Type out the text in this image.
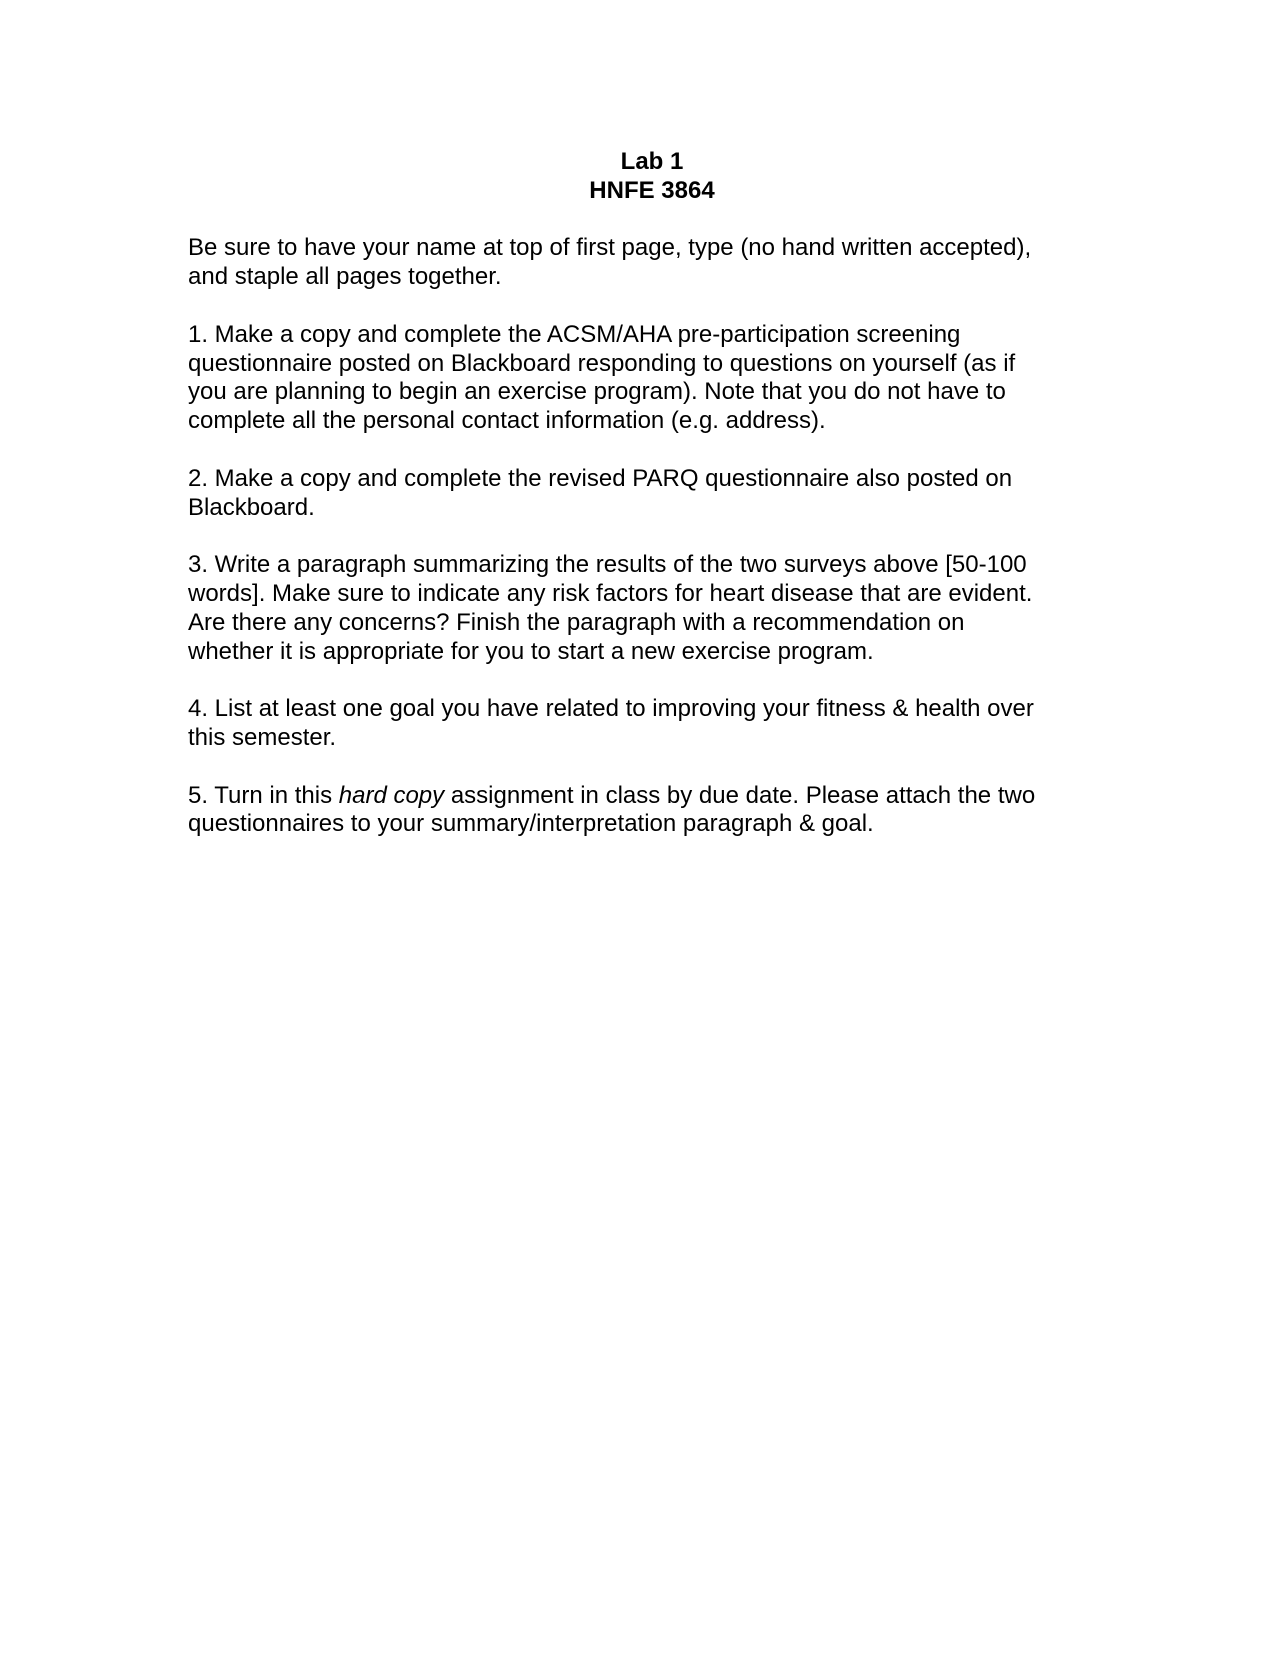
Lab 1
HNFE 3864
Be sure to have your name at top of first page, type (no hand written accepted),
and staple all pages together.
1. Make a copy and complete the ACSM/AHA pre-participation screening
questionnaire posted on Blackboard responding to questions on yourself (as if
you are planning to begin an exercise program). Note that you do not have to
complete all the personal contact information (e.g. address).
2. Make a copy and complete the revised PARQ questionnaire also posted on
Blackboard.
3. Write a paragraph summarizing the results of the two surveys above [50-100
words]. Make sure to indicate any risk factors for heart disease that are evident.
Are there any concerns? Finish the paragraph with a recommendation on
whether it is appropriate for you to start a new exercise program.
4. List at least one goal you have related to improving your fitness & health over
this semester.
5. Turn in this hard copy assignment in class by due date. Please attach the two
questionnaires to your summary/interpretation paragraph & goal.
